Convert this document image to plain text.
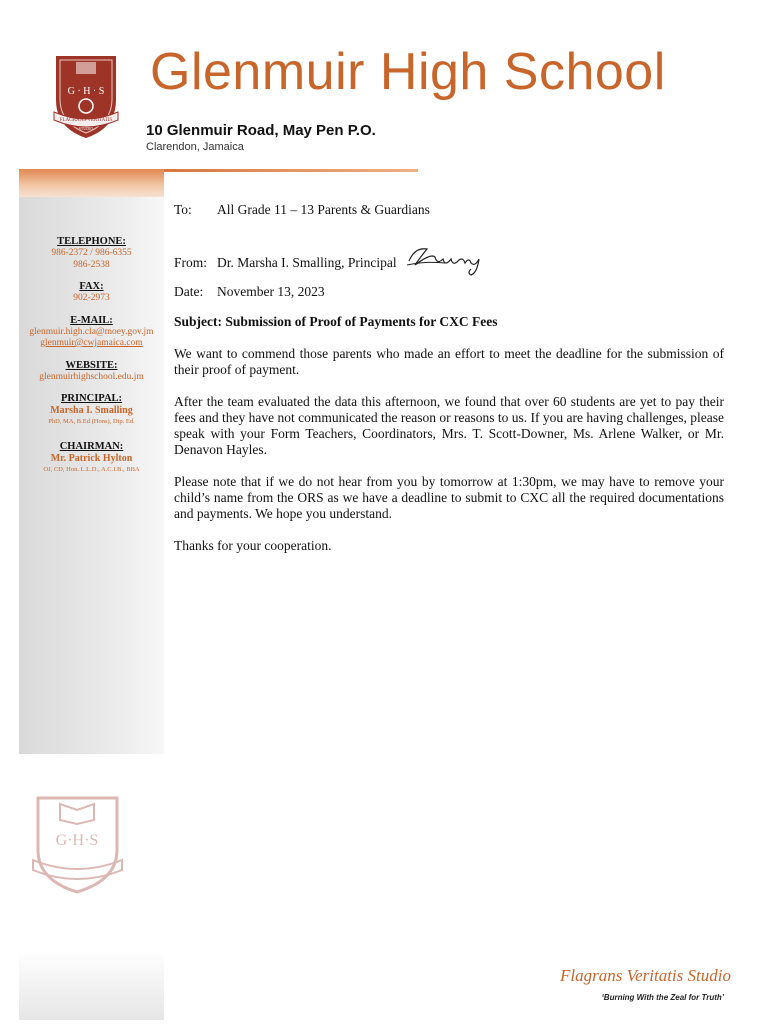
G · H · S
FLAGRANS VERITATIS
STUDIO
Glenmuir High School
10 Glenmuir Road, May Pen P.O.
Clarendon, Jamaica
TELEPHONE:
986-2372 / 986-6355
986-2538
FAX:
902-2973
E-MAIL:
glenmuir.high.cla@moey.gov.jm
glenmuir@cwjamaica.com
WEBSITE:
glenmuirhighschool.edu.jm
PRINCIPAL:
Marsha I. Smalling
PhD, MA, B.Ed (Hons), Dip. Ed.
CHAIRMAN:
Mr. Patrick Hylton
OJ, CD, Hon. L.L.D., A.C.I.B., BBA
G·H·S
To:	All Grade 11 – 13 Parents & Guardians
From: Dr. Marsha I. Smalling, Principal
Date:	November 13, 2023
Subject: Submission of Proof of Payments for CXC Fees

We want to commend those parents who made an effort to meet the deadline for the submission of their proof of payment.

After the team evaluated the data this afternoon, we found that over 60 students are yet to pay their fees and they have not communicated the reason or reasons to us. If you are having challenges, please speak with your Form Teachers, Coordinators, Mrs. T. Scott-Downer, Ms. Arlene Walker, or Mr. Denavon Hayles.

Please note that if we do not hear from you by tomorrow at 1:30pm, we may have to remove your child’s name from the ORS as we have a deadline to submit to CXC all the required documentations and payments. We hope you understand.

Thanks for your cooperation.

Flagrans Veritatis Studio
‘Burning With the Zeal for Truth’
